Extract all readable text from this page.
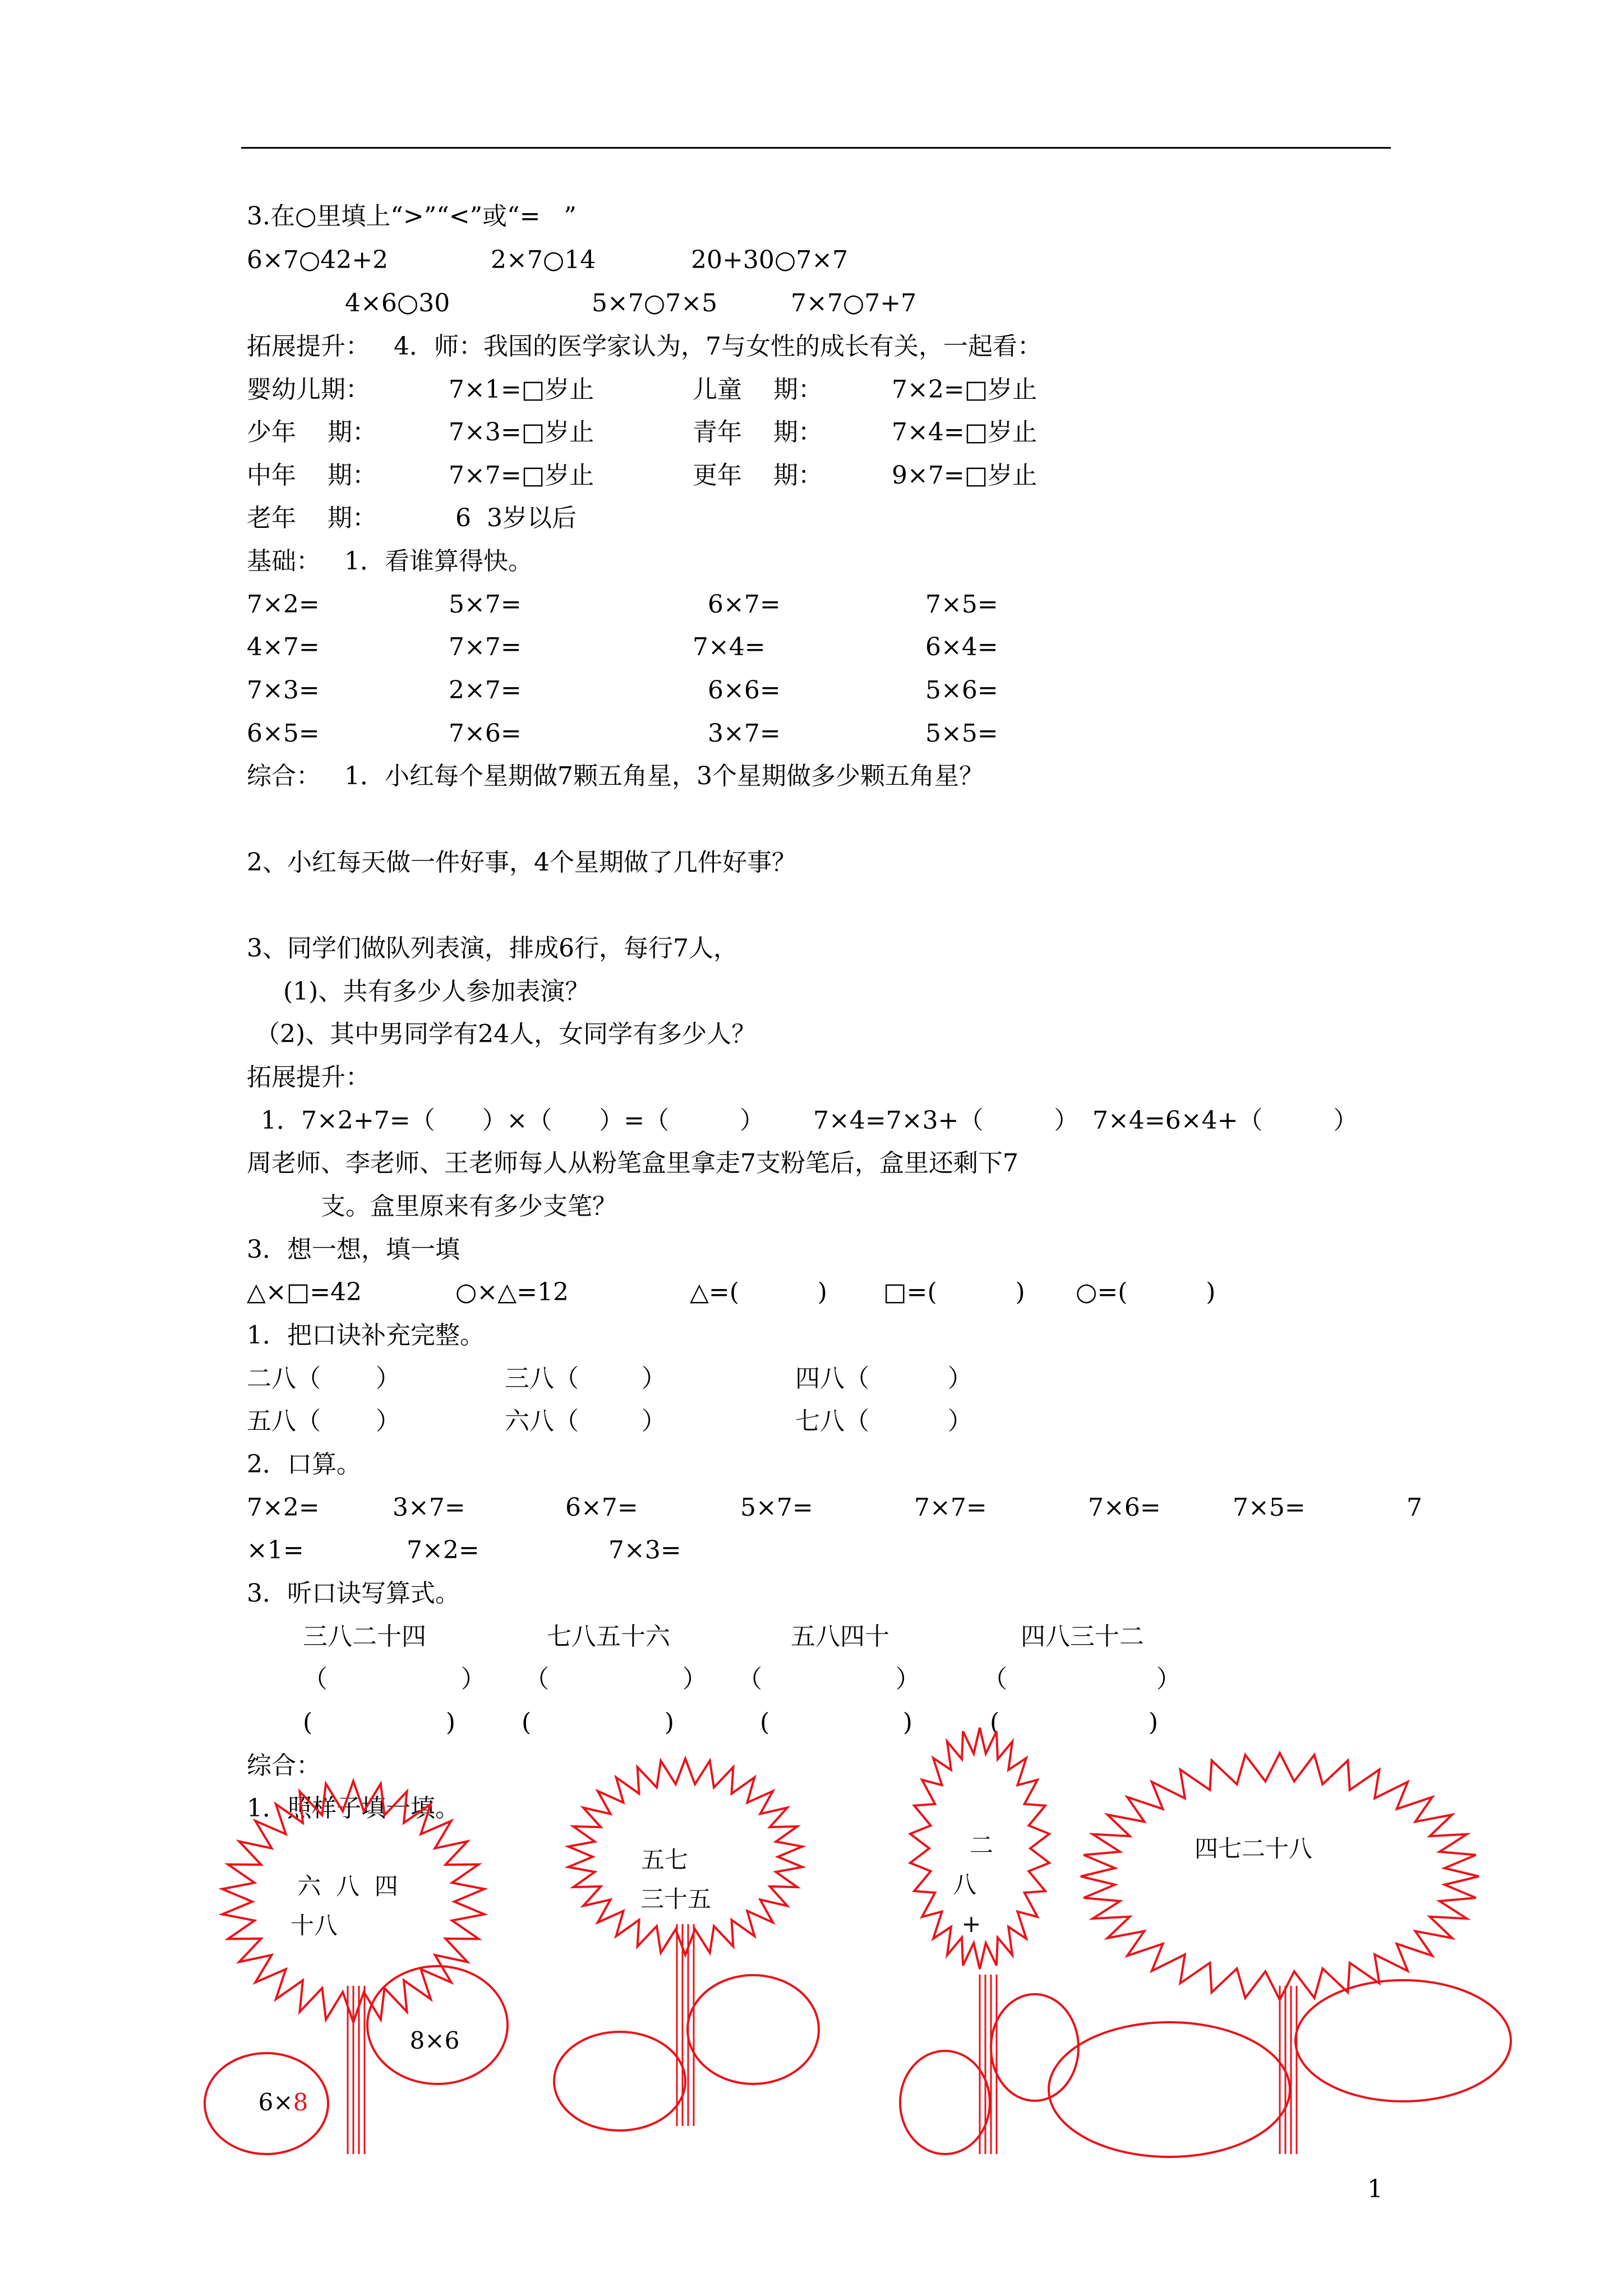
3.在○里填上“>”“<”或“=   ”
6×7○42+2	2×7○14	20+30○7×7
4×6○30	5×7○7×5	7×7○7+7
拓展提升：   4．师：我国的医学家认为，7与女性的成长有关，一起看：
婴幼儿期：	7×1=□岁止	儿童    期：	7×2=□岁止
少年    期：	7×3=□岁止	青年    期：	7×4=□岁止
中年    期：	7×7=□岁止	更年    期：	9×7=□岁止
老年    期：	6  3岁以后
基础：   1．看谁算得快。
7×2=	5×7=	6×7=	7×5=
4×7=	7×7=	7×4=	6×4=
7×3=	2×7=	6×6=	5×6=
6×5=	7×6=	3×7=	5×5=
综合：   1．小红每个星期做7颗五角星，3个星期做多少颗五角星？
2、小红每天做一件好事，4个星期做了几件好事？
3、同学们做队列表演，排成6行，每行7人，
(1)、共有多少人参加表演？
（2)、其中男同学有24人，女同学有多少人？
拓展提升：
1．7×2+7=（      ）×（      ）=（         ） 7×4=7×3+（         ） 7×4=6×4+（         ）
周老师、李老师、王老师每人从粉笔盒里拿走7支粉笔后，盒里还剩下7
支。盒里原来有多少支笔？
3．想一想，填一填
△×□=42	○×△=12	△=(          ) □=(          ) ○=(          )
1．把口诀补充完整。
二八（       ）	三八（        ）	四八（          ）
五八（       ）	六八（        ）	七八（          ）
2．口算。
7×2=	3×7=	6×7=	5×7=	7×7=	7×6=	7×5=	7
×1=	7×2=	7×3=
3．听口诀写算式。
三八二十四	七八五十六	五八四十	四八三十二
（                 ） （                 ） （                 ）	（                   ）
(                 )	(                 )	(                 )	(                   )
综合：
1．照样子填一填。
六  八  四
十八
6×8
8×6
五七
三十五
二
八
+
四七二十八
1
